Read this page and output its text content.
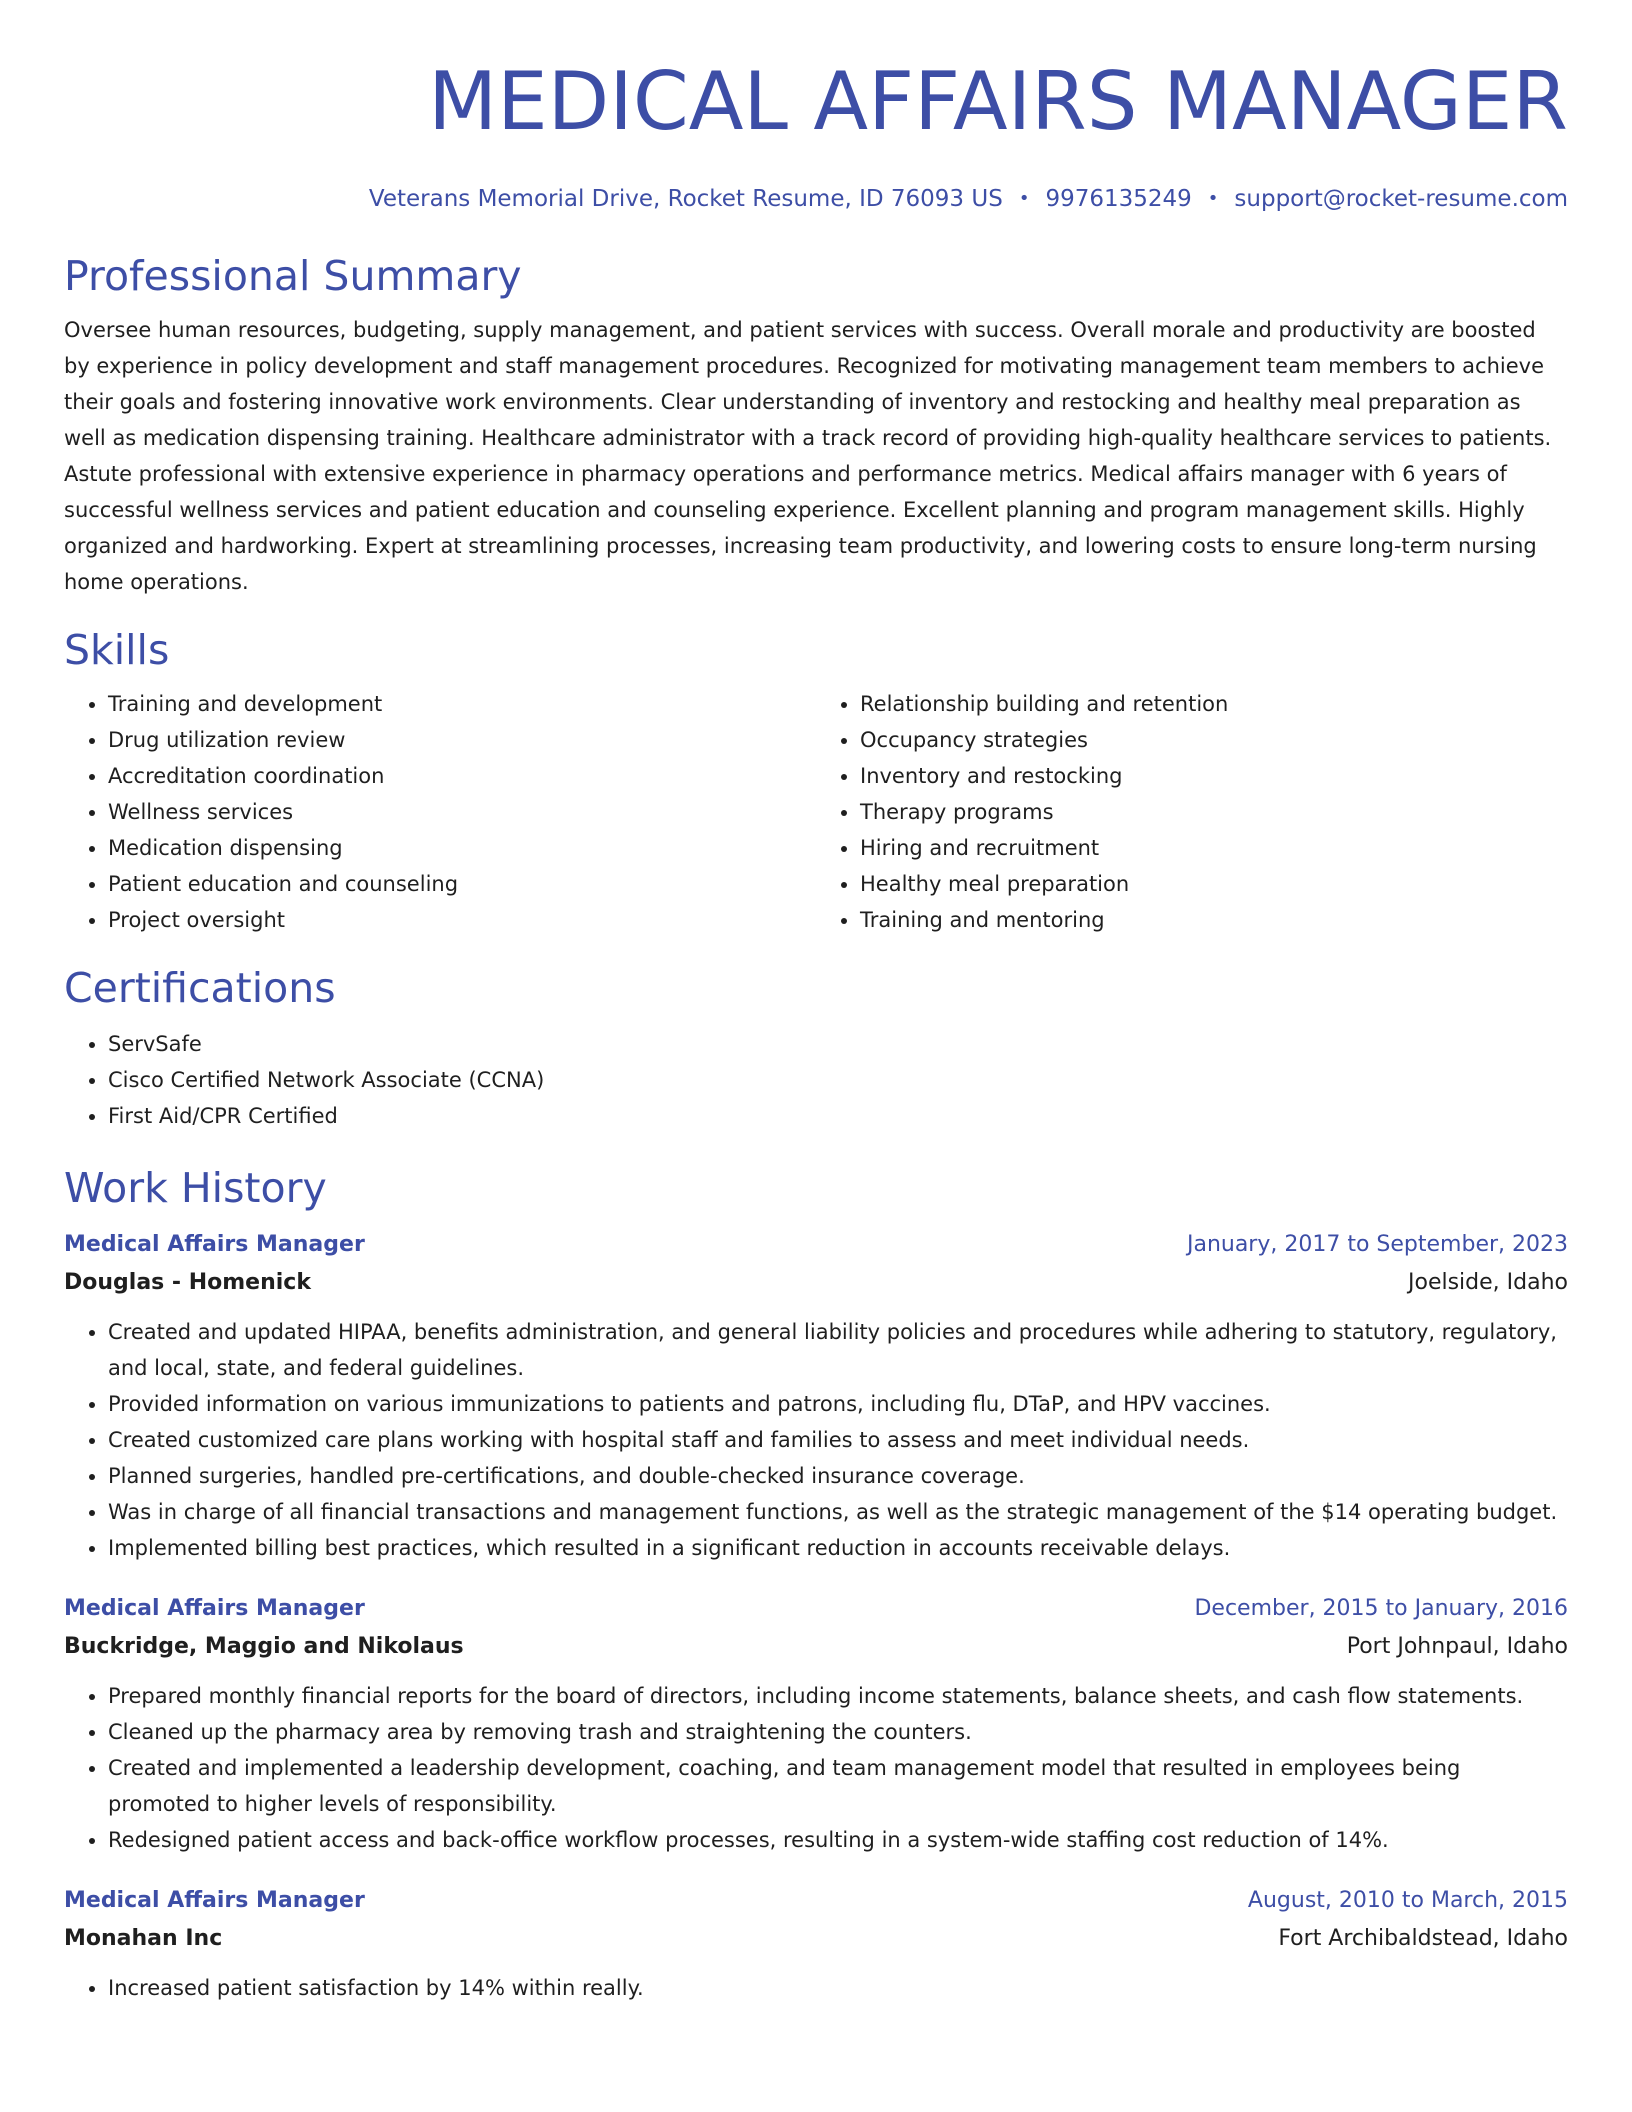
MEDICAL AFFAIRS MANAGER
Veterans Memorial Drive, Rocket Resume, ID 76093 US • 9976135249 • support@rocket-resume.com
Professional Summary

Oversee human resources, budgeting, supply management, and patient services with success. Overall morale and productivity are boosted by experience in policy development and staff management procedures. Recognized for motivating management team members to achieve their goals and fostering innovative work environments. Clear understanding of inventory and restocking and healthy meal preparation as well as medication dispensing training. Healthcare administrator with a track record of providing high-quality healthcare services to patients. Astute professional with extensive experience in pharmacy operations and performance metrics. Medical affairs manager with 6 years of successful wellness services and patient education and counseling experience. Excellent planning and program management skills. Highly organized and hardworking. Expert at streamlining processes, increasing team productivity, and lowering costs to ensure long-term nursing home operations.

Skills
• Training and development
• Drug utilization review
• Accreditation coordination
• Wellness services
• Medication dispensing
• Patient education and counseling
• Project oversight
• Relationship building and retention
• Occupancy strategies
• Inventory and restocking
• Therapy programs
• Hiring and recruitment
• Healthy meal preparation
• Training and mentoring
Certifications
• ServSafe
• Cisco Certified Network Associate (CCNA)
• First Aid/CPR Certified
Work History
Medical Affairs Manager	January, 2017 to September, 2023
Douglas - Homenick	Joelside, Idaho
• Created and updated HIPAA, benefits administration, and general liability policies and procedures while adhering to statutory, regulatory, and local, state, and federal guidelines.
• Provided information on various immunizations to patients and patrons, including flu, DTaP, and HPV vaccines.
• Created customized care plans working with hospital staff and families to assess and meet individual needs.
• Planned surgeries, handled pre-certifications, and double-checked insurance coverage.
• Was in charge of all financial transactions and management functions, as well as the strategic management of the $14 operating budget.
• Implemented billing best practices, which resulted in a significant reduction in accounts receivable delays.
Medical Affairs Manager	December, 2015 to January, 2016
Buckridge, Maggio and Nikolaus	Port Johnpaul, Idaho
• Prepared monthly financial reports for the board of directors, including income statements, balance sheets, and cash flow statements.
• Cleaned up the pharmacy area by removing trash and straightening the counters.
• Created and implemented a leadership development, coaching, and team management model that resulted in employees being promoted to higher levels of responsibility.
• Redesigned patient access and back-office workflow processes, resulting in a system-wide staffing cost reduction of 14%.
Medical Affairs Manager	August, 2010 to March, 2015
Monahan Inc	Fort Archibaldstead, Idaho
• Increased patient satisfaction by 14% within really.
